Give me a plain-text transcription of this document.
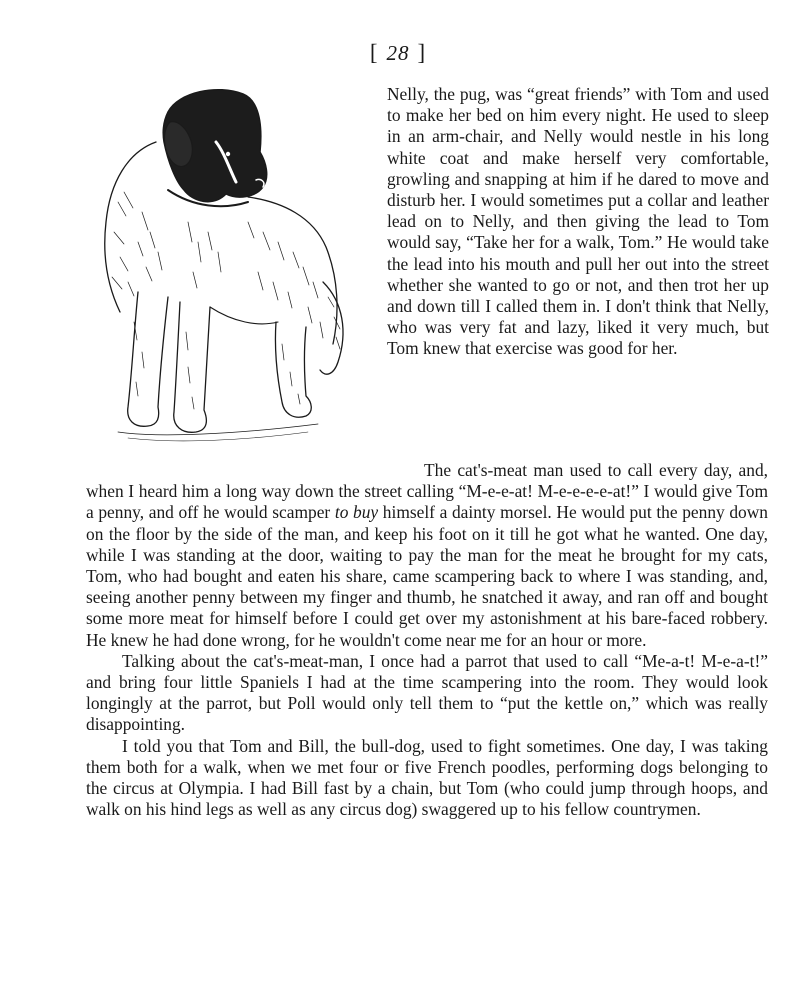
[ 28 ]

Nelly, the pug, was “great friends” with Tom and used to make her bed on him every night. He used to sleep in an arm-chair, and Nelly would nestle in his long white coat and make herself very comfortable, growling and snapping at him if he dared to move and disturb her. I would sometimes put a collar and leather lead on to Nelly, and then giving the lead to Tom would say, “Take her for a walk, Tom.” He would take the lead into his mouth and pull her out into the street whether she wanted to go or not, and then trot her up and down till I called them in. I don't think that Nelly, who was very fat and lazy, liked it very much, but Tom knew that exercise was good for her.

The cat's-meat man used to call every day, and, when I heard him a long way down the street calling “M-e-e-at! M-e-e-e-e-at!” I would give Tom a penny, and off he would scamper to buy himself a dainty morsel. He would put the penny down on the floor by the side of the man, and keep his foot on it till he got what he wanted. One day, while I was standing at the door, waiting to pay the man for the meat he brought for my cats, Tom, who had bought and eaten his share, came scampering back to where I was standing, and, seeing another penny between my finger and thumb, he snatched it away, and ran off and bought some more meat for himself before I could get over my astonishment at his bare-faced robbery. He knew he had done wrong, for he wouldn't come near me for an hour or more.

Talking about the cat's-meat-man, I once had a parrot that used to call “Me-a-t! M-e-a-t!” and bring four little Spaniels I had at the time scampering into the room. They would look longingly at the parrot, but Poll would only tell them to “put the kettle on,” which was really disappointing.

I told you that Tom and Bill, the bull-dog, used to fight sometimes. One day, I was taking them both for a walk, when we met four or five French poodles, performing dogs belonging to the circus at Olympia. I had Bill fast by a chain, but Tom (who could jump through hoops, and walk on his hind legs as well as any circus dog) swaggered up to his fellow countrymen.
